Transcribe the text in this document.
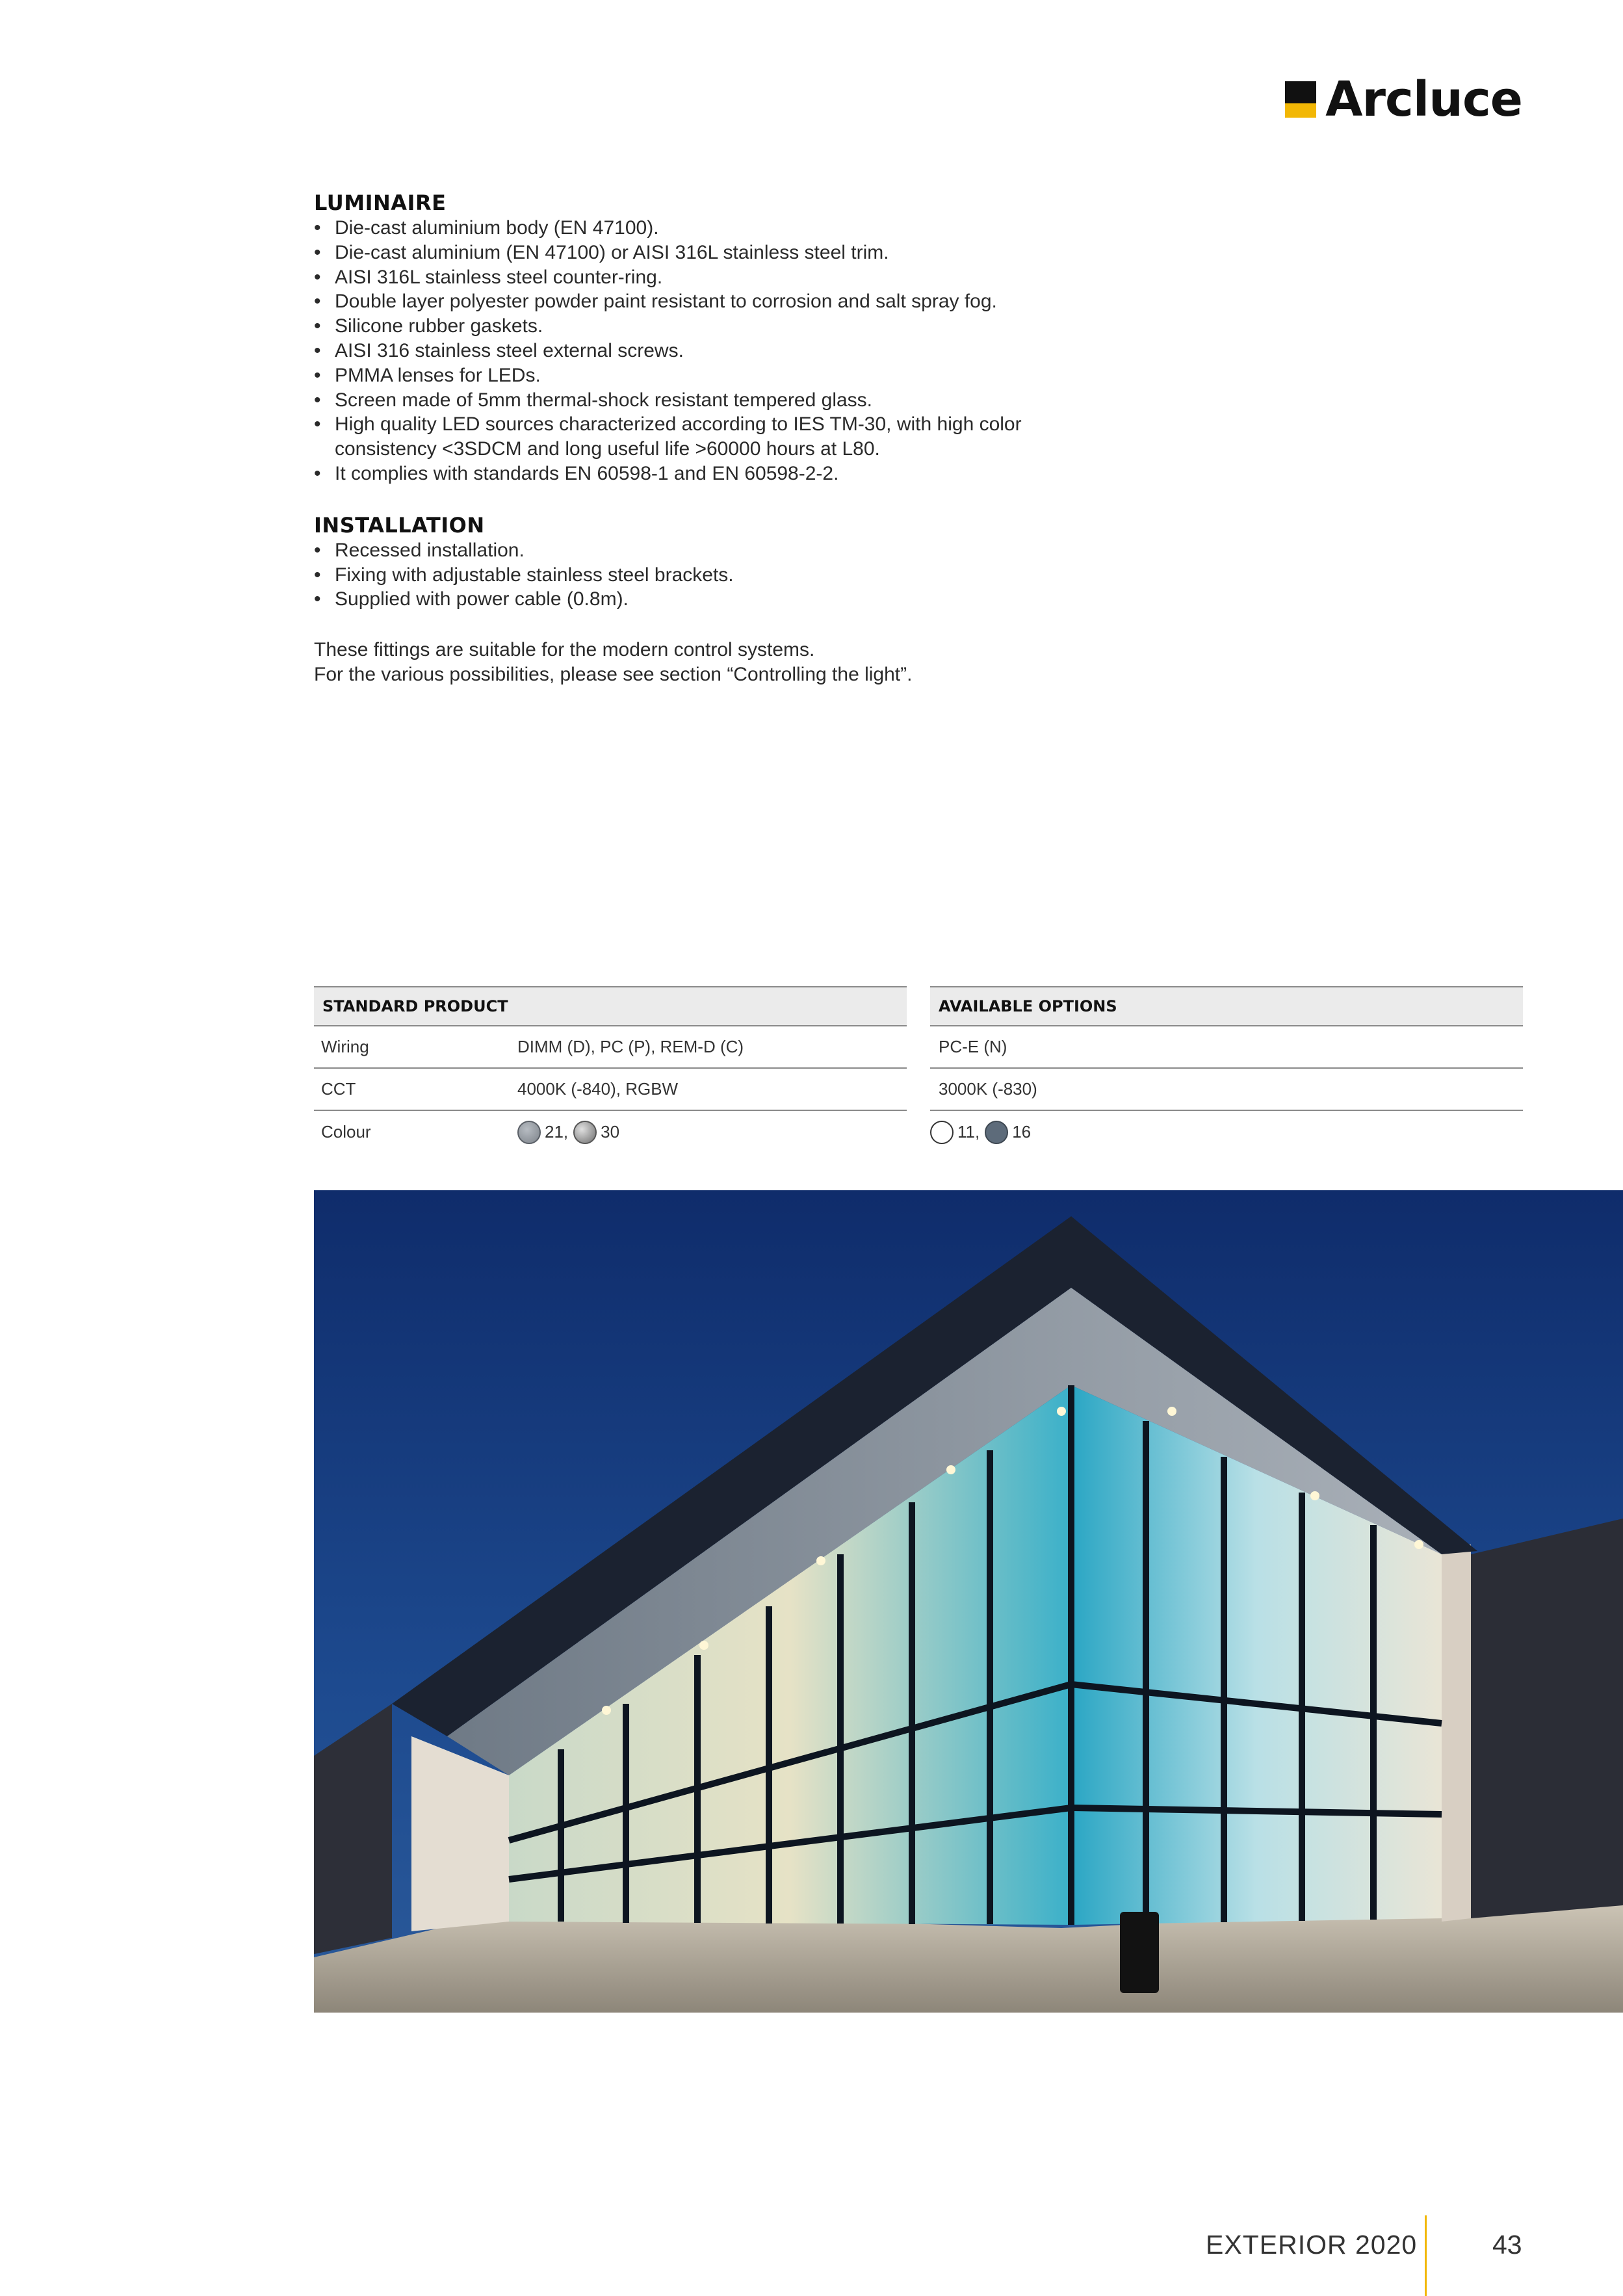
Arcluce
LUMINAIRE
• Die-cast aluminium body (EN 47100).
• Die-cast aluminium (EN 47100) or AISI 316L stainless steel trim.
• AISI 316L stainless steel counter-ring.
• Double layer polyester powder paint resistant to corrosion and salt spray fog.
• Silicone rubber gaskets.
• AISI 316 stainless steel external screws.
• PMMA lenses for LEDs.
• Screen made of 5mm thermal-shock resistant tempered glass.
• High quality LED sources characterized according to IES TM-30, with high color consistency <3SDCM and long useful life >60000 hours at L80.
• It complies with standards EN 60598-1 and EN 60598-2-2.
INSTALLATION
• Recessed installation.
• Fixing with adjustable stainless steel brackets.
• Supplied with power cable (0.8m).

These fittings are suitable for the modern control systems.

For the various possibilities, please see section “Controlling the light”.

STANDARD PRODUCT
Wiring	DIMM (D), PC (P), REM-D (C)
CCT	4000K (-840), RGBW
Colour	21, 30
AVAILABLE OPTIONS
PC-E (N)
3000K (-830)
11, 16
EXTERIOR 2020	43
